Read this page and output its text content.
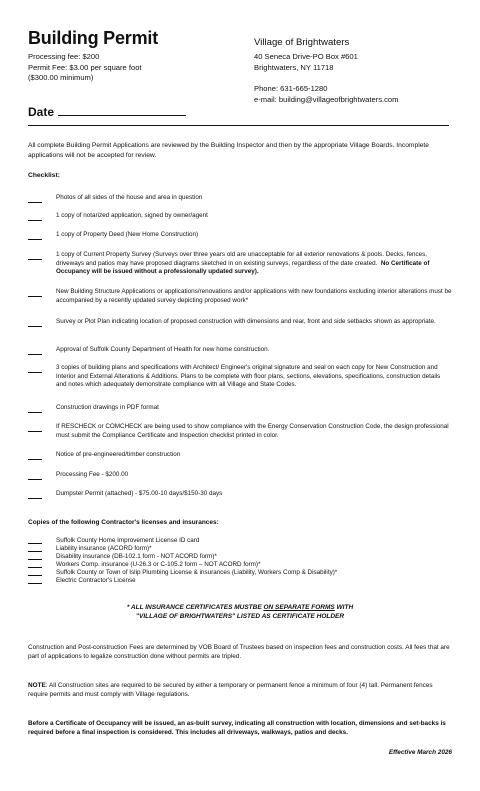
Building Permit
Processing fee: $200
Permit Fee: $3.00 per square foot
($300.00 minimum)
Village of Brightwaters
40 Seneca Drive-PO Box #601
Brightwaters, NY 11718
Phone: 631-665-1280
e-mail: building@villageofbrightwaters.com
Date
All complete Building Permit Applications are reviewed by the Building Inspector and then by the appropriate Village Boards. Incomplete applications will not be accepted for review.
Checklist:
Photos of all sides of the house and area in question
1 copy of notarized application, signed by owner/agent
1 copy of Property Deed (New Home Construction)
1 copy of Current Property Survey (Surveys over three years old are unacceptable for all exterior renovations & pools. Decks, fences, driveways and patios may have proposed diagrams sketched in on existing surveys, regardless of the date created. No Certificate of Occupancy will be issued without a professionally updated survey).
New Building Structure Applications or applications/renovations and/or applications with new foundations excluding interior alterations must be accompanied by a recently updated survey depicting proposed work*
Survey or Plot Plan indicating location of proposed construction with dimensions and rear, front and side setbacks shown as appropriate.
Approval of Suffolk County Department of Health for new home construction.
3 copies of building plans and specifications with Architect/ Engineer's original signature and seal on each copy for New Construction and Interior and External Alterations & Additions. Plans to be complete with floor plans, sections, elevations, specifications, construction details and notes which adequately demonstrate compliance with all Village and State Codes.
Construction drawings in PDF format
If RESCHECK or COMCHECK are being used to show compliance with the Energy Conservation Construction Code, the design professional must submit the Compliance Certificate and Inspection checklist printed in color.
Notice of pre-engineered/timber construction
Processing Fee - $200.00
Dumpster Permit (attached) - $75.00-10 days/$150-30 days
Copies of the following Contractor's licenses and insurances:
Suffolk County Home Improvement License ID card
Liability insurance (ACORD form)*
Disability insurance (DB-102.1 form - NOT ACORD form)*
Workers Comp. insurance (U-26.3 or C-105.2 form – NOT ACORD form)*
Suffolk County or Town of Islip Plumbing License & insurances (Liability, Workers Comp & Disability)*
Electric Contractor's License
* ALL INSURANCE CERTIFICATES MUSTBE ON SEPARATE FORMS WITH
"VILLAGE OF BRIGHTWATERS" LISTED AS CERTIFICATE HOLDER
Construction and Post-construction Fees are determined by VOB Board of Trustees based on inspection fees and construction costs. All fees that are part of applications to legalize construction done without permits are tripled.
NOTE: All Construction sites are required to be secured by either a temporary or permanent fence a minimum of four (4) tall. Permanent fences require permits and must comply with Village regulations.
Before a Certificate of Occupancy will be issued, an as-built survey, indicating all construction with location, dimensions and set-backs is required before a final inspection is considered. This includes all driveways, walkways, patios and decks.
Effective March 2026
